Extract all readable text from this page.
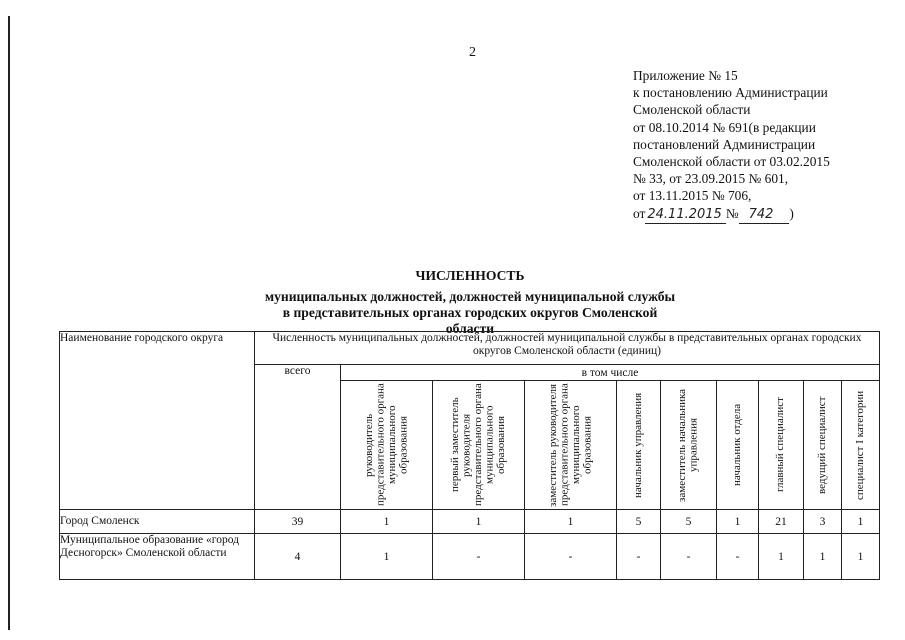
2
Приложение № 15
к постановлению Администрации
Смоленской области
от 08.10.2014 № 691(в редакции
постановлений Администрации
Смоленской области от 03.02.2015
№ 33, от 23.09.2015 № 601,
от 13.11.2015 № 706,
от 24.11.2015 № 742 )
ЧИСЛЕННОСТЬ
муниципальных должностей, должностей муниципальной службы
в представительных органах городских округов Смоленской области
Наименование городского округа	Численность муниципальных должностей, должностей муниципальной службы в представительных органах городских округов Смоленской области (единиц)									
	всего	в том числе								

		руководитель представительного органа муниципального образования	первый заместитель руководителя представительного органа муниципального образования	заместитель руководителя представительного органа муниципального образования	начальник управления	заместитель начальника управления	начальник отдела	главный специалист	ведущий специалист	специалист I категории

Город Смоленск	39	1	1	1	5	5	1	21	3	1
Муниципальное образование «город Десногорск» Смоленской области	4	1	-	-	-	-	-	1	1	1
